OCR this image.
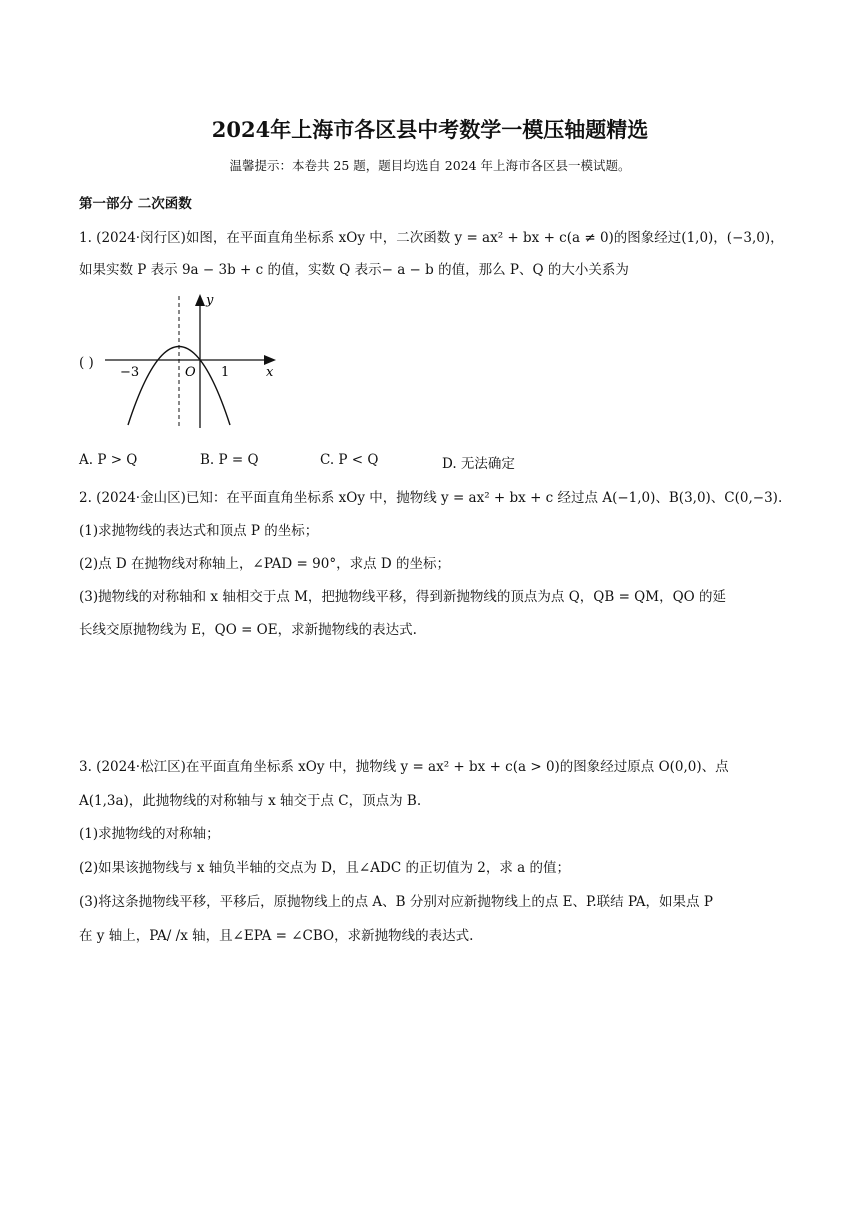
2024年上海市各区县中考数学一模压轴题精选
温馨提示：本卷共 25 题，题目均选自 2024 年上海市各区县一模试题。
第一部分 二次函数
1. (2024·闵行区)如图，在平面直角坐标系 xOy 中，二次函数 y = ax² + bx + c(a ≠ 0)的图象经过(1,0)，(−3,0)，
如果实数 P 表示 9a − 3b + c 的值，实数 Q 表示− a − b 的值，那么 P、Q 的大小关系为
( )
y
x
O
−3	1
A. P > Q	B. P = Q	C. P < Q	D. 无法确定
2. (2024·金山区)已知：在平面直角坐标系 xOy 中，抛物线 y = ax² + bx + c 经过点 A(−1,0)、B(3,0)、C(0,−3).
(1)求抛物线的表达式和顶点 P 的坐标；
(2)点 D 在抛物线对称轴上，∠PAD = 90°，求点 D 的坐标；
(3)抛物线的对称轴和 x 轴相交于点 M，把抛物线平移，得到新抛物线的顶点为点 Q，QB = QM，QO 的延
长线交原抛物线为 E，QO = OE，求新抛物线的表达式.
3. (2024·松江区)在平面直角坐标系 xOy 中，抛物线 y = ax² + bx + c(a > 0)的图象经过原点 O(0,0)、点
A(1,3a)，此抛物线的对称轴与 x 轴交于点 C，顶点为 B.
(1)求抛物线的对称轴；
(2)如果该抛物线与 x 轴负半轴的交点为 D，且∠ADC 的正切值为 2，求 a 的值；
(3)将这条抛物线平移，平移后，原抛物线上的点 A、B 分别对应新抛物线上的点 E、P.联结 PA，如果点 P
在 y 轴上，PA/ /x 轴，且∠EPA = ∠CBO，求新抛物线的表达式.
